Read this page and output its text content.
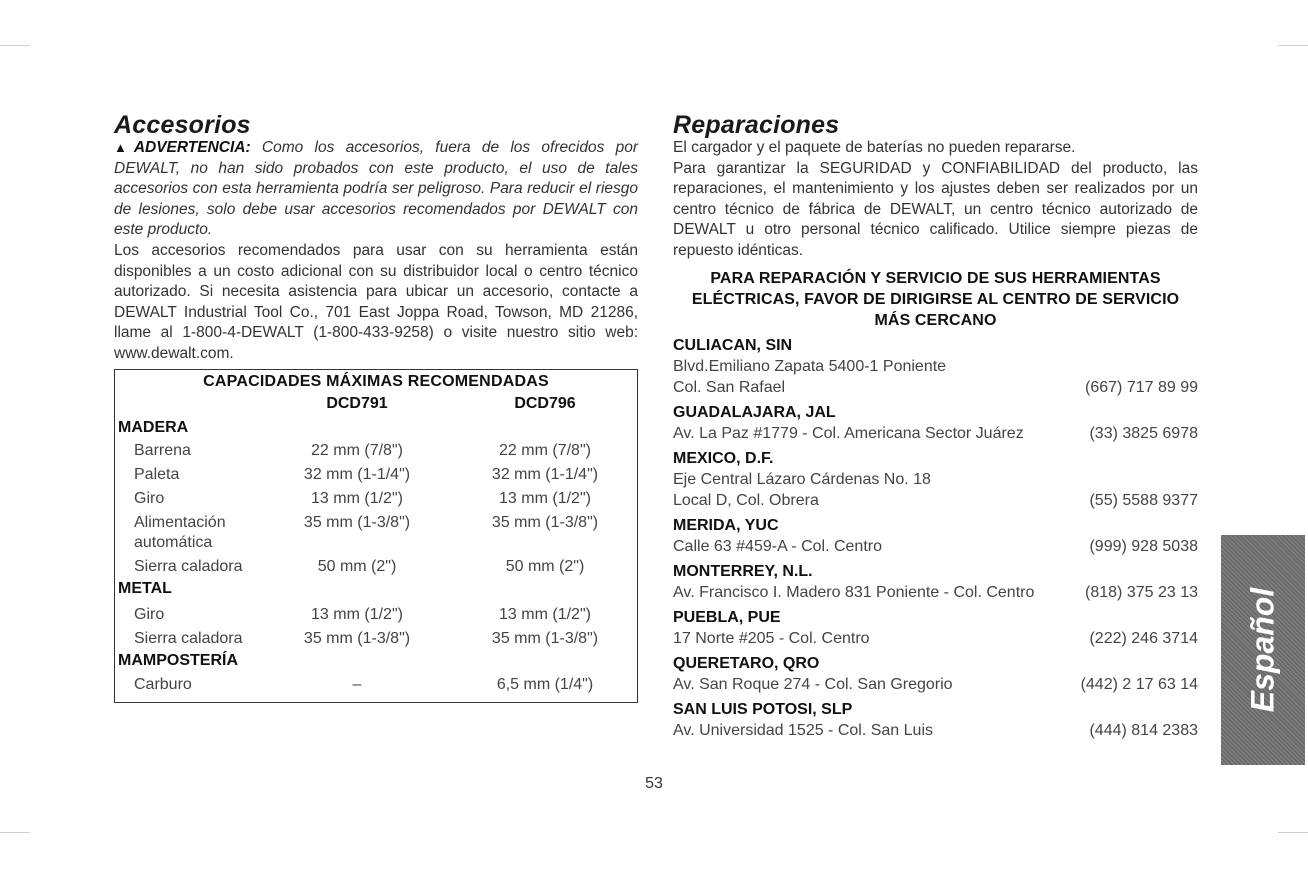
Accesorios

▲ADVERTENCIA: Como los accesorios, fuera de los ofrecidos por DEWALT, no han sido probados con este producto, el uso de tales accesorios con esta herramienta podría ser peligroso. Para reducir el riesgo de lesiones, solo debe usar accesorios recomendados por DEWALT con este producto.

Los accesorios recomendados para usar con su herramienta están disponibles a un costo adicional con su distribuidor local o centro técnico autorizado. Si necesita asistencia para ubicar un accesorio, contacte a DEWALT Industrial Tool Co., 701 East Joppa Road, Towson, MD 21286, llame al 1-800-4-DEWALT (1-800-433-9258) o visite nuestro sitio web: www.dewalt.com.

CAPACIDADES MÁXIMAS RECOMENDADAS
DCD791	DCD796
MADERA
Barrena	22 mm (7/8")	22 mm (7/8")
Paleta	32 mm (1-1/4")	32 mm (1-1/4")
Giro	13 mm (1/2")	13 mm (1/2")
Alimentación	35 mm (1-3/8")	35 mm (1-3/8")
automática
Sierra caladora	50 mm (2")	50 mm (2")
METAL
Giro	13 mm (1/2")	13 mm (1/2")
Sierra caladora	35 mm (1-3/8")	35 mm (1-3/8")
MAMPOSTERÍA
Carburo	–	6,5 mm (1/4")
Reparaciones

El cargador y el paquete de baterías no pueden repararse.

Para garantizar la SEGURIDAD y CONFIABILIDAD del producto, las reparaciones, el mantenimiento y los ajustes deben ser realizados por un centro técnico de fábrica de DEWALT, un centro técnico autorizado de DEWALT u otro personal técnico calificado. Utilice siempre piezas de repuesto idénticas.

PARA REPARACIÓN Y SERVICIO DE SUS HERRAMIENTAS ELÉCTRICAS, FAVOR DE DIRIGIRSE AL CENTRO DE SERVICIO MÁS CERCANO
CULIACAN, SIN
Blvd.Emiliano Zapata 5400-1 Poniente
Col. San Rafael	(667) 717 89 99
GUADALAJARA, JAL
Av. La Paz #1779 - Col. Americana Sector Juárez	(33) 3825 6978
MEXICO, D.F.
Eje Central Lázaro Cárdenas No. 18
Local D, Col. Obrera	(55) 5588 9377
MERIDA, YUC
Calle 63 #459-A - Col. Centro	(999) 928 5038
MONTERREY, N.L.
Av. Francisco I. Madero 831 Poniente - Col. Centro	(818) 375 23 13
PUEBLA, PUE
17 Norte #205 - Col. Centro	(222) 246 3714
QUERETARO, QRO
Av. San Roque 274 - Col. San Gregorio	(442) 2 17 63 14
SAN LUIS POTOSI, SLP
Av. Universidad 1525 - Col. San Luis	(444) 814 2383
53
Español
